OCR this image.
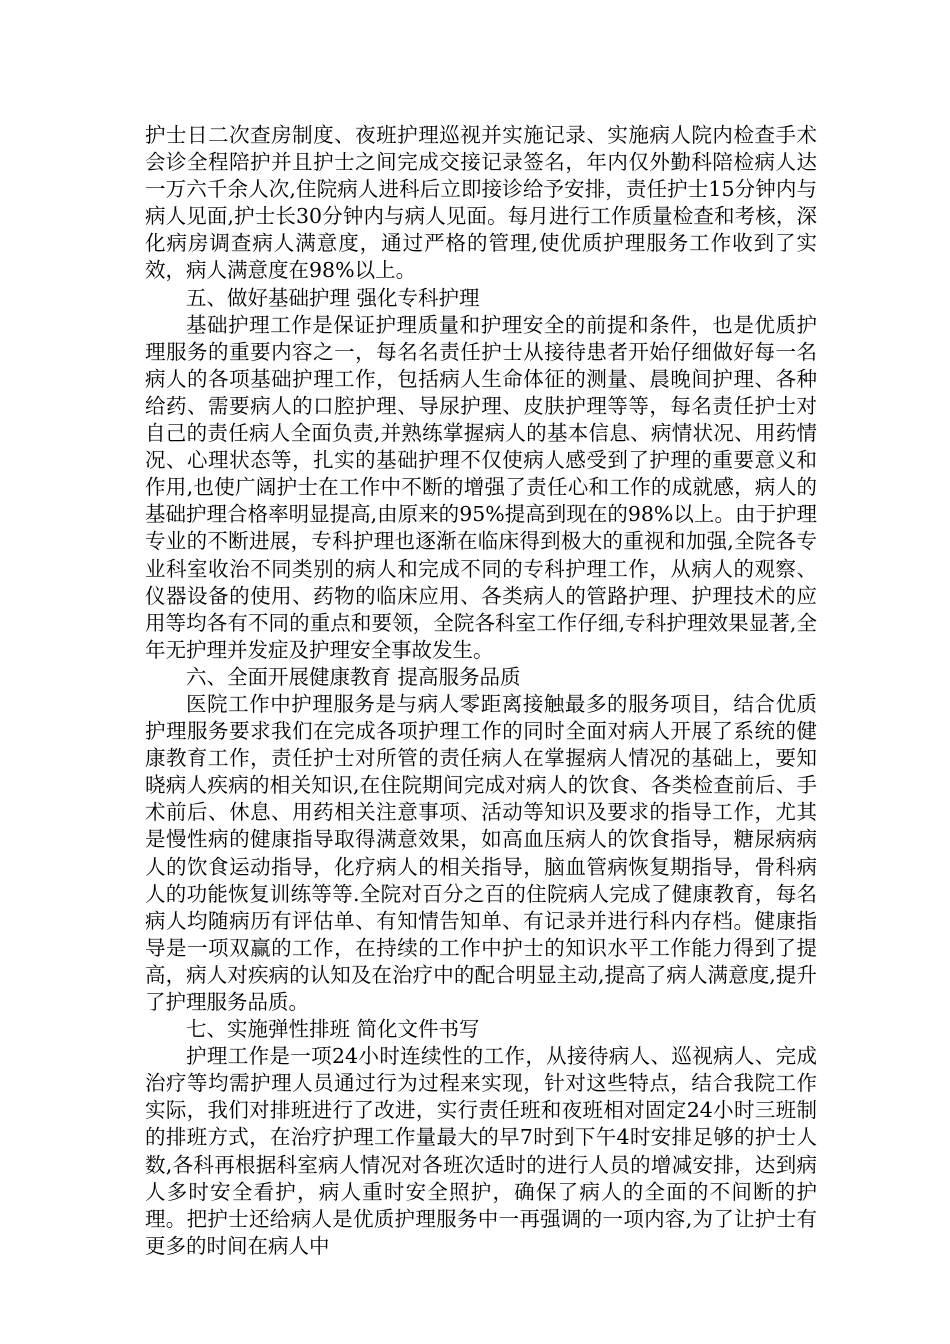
护士日二次查房制度、夜班护理巡视并实施记录、实施病人院内检查手术会诊全程陪护并且护士之间完成交接记录签名，年内仅外勤科陪检病人达一万六千余人次,住院病人进科后立即接诊给予安排，责任护士15分钟内与病人见面,护士长30分钟内与病人见面。每月进行工作质量检查和考核，深化病房调查病人满意度，通过严格的管理,使优质护理服务工作收到了实效，病人满意度在98%以上。

五、做好基础护理 强化专科护理

基础护理工作是保证护理质量和护理安全的前提和条件，也是优质护理服务的重要内容之一，每名名责任护士从接待患者开始仔细做好每一名病人的各项基础护理工作，包括病人生命体征的测量、晨晚间护理、各种给药、需要病人的口腔护理、导尿护理、皮肤护理等等，每名责任护士对自己的责任病人全面负责,并熟练掌握病人的基本信息、病情状况、用药情况、心理状态等，扎实的基础护理不仅使病人感受到了护理的重要意义和作用,也使广阔护士在工作中不断的增强了责任心和工作的成就感，病人的基础护理合格率明显提高,由原来的95%提高到现在的98%以上。由于护理专业的不断进展，专科护理也逐渐在临床得到极大的重视和加强,全院各专业科室收治不同类别的病人和完成不同的专科护理工作，从病人的观察、仪器设备的使用、药物的临床应用、各类病人的管路护理、护理技术的应用等均各有不同的重点和要领，全院各科室工作仔细,专科护理效果显著,全年无护理并发症及护理安全事故发生。

六、全面开展健康教育 提高服务品质

医院工作中护理服务是与病人零距离接触最多的服务项目，结合优质护理服务要求我们在完成各项护理工作的同时全面对病人开展了系统的健康教育工作，责任护士对所管的责任病人在掌握病人情况的基础上，要知晓病人疾病的相关知识,在住院期间完成对病人的饮食、各类检查前后、手术前后、休息、用药相关注意事项、活动等知识及要求的指导工作，尤其是慢性病的健康指导取得满意效果，如高血压病人的饮食指导，糖尿病病人的饮食运动指导，化疗病人的相关指导，脑血管病恢复期指导，骨科病人的功能恢复训练等等.全院对百分之百的住院病人完成了健康教育，每名病人均随病历有评估单、有知情告知单、有记录并进行科内存档。健康指导是一项双赢的工作，在持续的工作中护士的知识水平工作能力得到了提高，病人对疾病的认知及在治疗中的配合明显主动,提高了病人满意度,提升了护理服务品质。

七、实施弹性排班 简化文件书写

护理工作是一项24小时连续性的工作，从接待病人、巡视病人、完成治疗等均需护理人员通过行为过程来实现，针对这些特点，结合我院工作实际，我们对排班进行了改进，实行责任班和夜班相对固定24小时三班制的排班方式，在治疗护理工作量最大的早7时到下午4时安排足够的护士人数,各科再根据科室病人情况对各班次适时的进行人员的增减安排，达到病人多时安全看护，病人重时安全照护，确保了病人的全面的不间断的护理。把护士还给病人是优质护理服务中一再强调的一项内容,为了让护士有更多的时间在病人中
